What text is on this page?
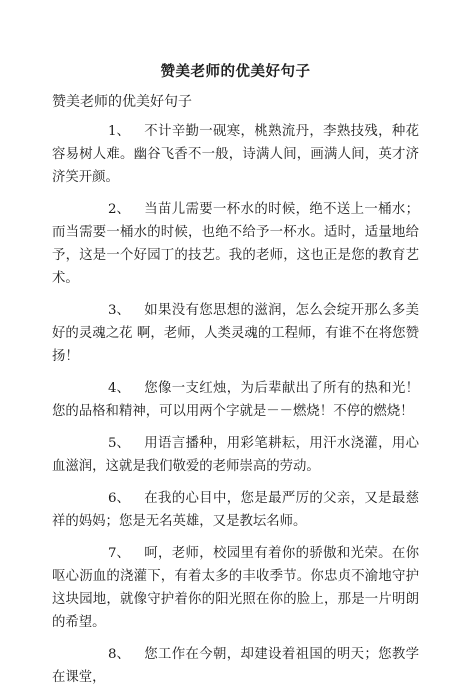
赞美老师的优美好句子
赞美老师的优美好句子
1、 不计辛勤一砚寒，桃熟流丹，李熟技残，种花容易树人难。幽谷飞香不一般，诗满人间，画满人间，英才济济笑开颜。
2、 当苗儿需要一杯水的时候，绝不送上一桶水；而当需要一桶水的时候，也绝不给予一杯水。适时，适量地给予，这是一个好园丁的技艺。我的老师，这也正是您的教育艺术。
3、 如果没有您思想的滋润，怎么会绽开那么多美好的灵魂之花 啊，老师，人类灵魂的工程师，有谁不在将您赞扬！
4、 您像一支红烛，为后辈献出了所有的热和光！您的品格和精神，可以用两个字就是－－燃烧！不停的燃烧！
5、 用语言播种，用彩笔耕耘，用汗水浇灌，用心血滋润，这就是我们敬爱的老师崇高的劳动。
6、 在我的心目中，您是最严厉的父亲，又是最慈祥的妈妈；您是无名英雄，又是教坛名师。
7、 呵，老师，校园里有着你的骄傲和光荣。在你呕心沥血的浇灌下，有着太多的丰收季节。你忠贞不渝地守护这块园地，就像守护着你的阳光照在你的脸上，那是一片明朗的希望。
8、 您工作在今朝，却建设着祖国的明天；您教学在课堂，
